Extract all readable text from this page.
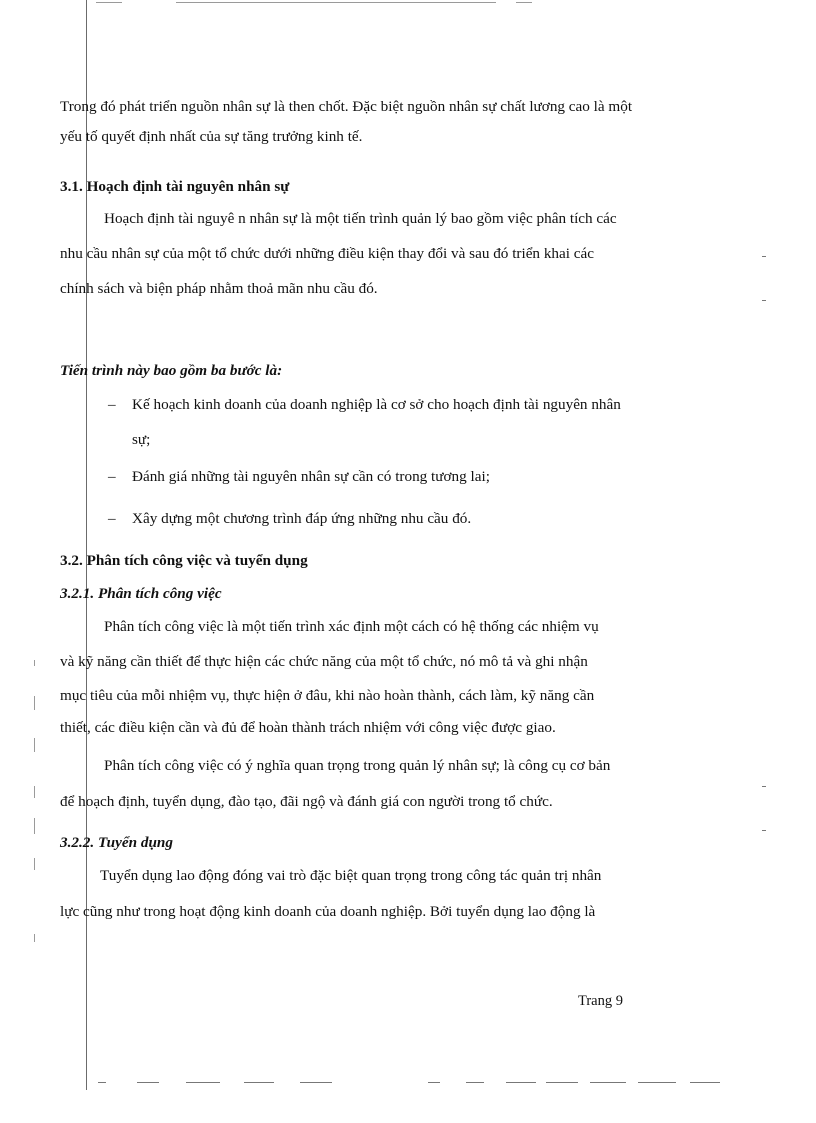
Trong đó phát triển nguồn nhân sự là then chốt. Đặc biệt nguồn nhân sự chất lương cao là một
yếu tố quyết định nhất của sự tăng trưởng kinh tế.
3.1. Hoạch định tài nguyên nhân sự
Hoạch định tài nguyê n nhân sự là một tiến trình quản lý bao gồm việc phân tích các
nhu cầu nhân sự của một tổ chức dưới những điều kiện thay đổi và sau đó triển khai các
chính sách và biện pháp nhằm thoả mãn nhu cầu đó.
Tiến trình này bao gồm ba bước là:
– Kế hoạch kinh doanh của doanh nghiệp là cơ sở cho hoạch định tài nguyên nhân
sự;
– Đánh giá những tài nguyên nhân sự cần có trong tương lai;
– Xây dựng một chương trình đáp ứng những nhu cầu đó.
3.2. Phân tích công việc và tuyển dụng
3.2.1. Phân tích công việc
Phân tích công việc là một tiến trình xác định một cách có hệ thống các nhiệm vụ
và kỹ năng cần thiết để thực hiện các chức năng của một tổ chức, nó mô tả và ghi nhận
mục tiêu của mỗi nhiệm vụ, thực hiện ở đâu, khi nào hoàn thành, cách làm, kỹ năng cần
thiết, các điều kiện cần và đủ để hoàn thành trách nhiệm với công việc được giao.
Phân tích công việc có ý nghĩa quan trọng trong quản lý nhân sự; là công cụ cơ bản
để hoạch định, tuyển dụng, đào tạo, đãi ngộ và đánh giá con người trong tổ chức.
3.2.2. Tuyển dụng
Tuyển dụng lao động đóng vai trò đặc biệt quan trọng trong công tác quản trị nhân
lực cũng như trong hoạt động kinh doanh của doanh nghiệp. Bởi tuyển dụng lao động là
Trang 9
